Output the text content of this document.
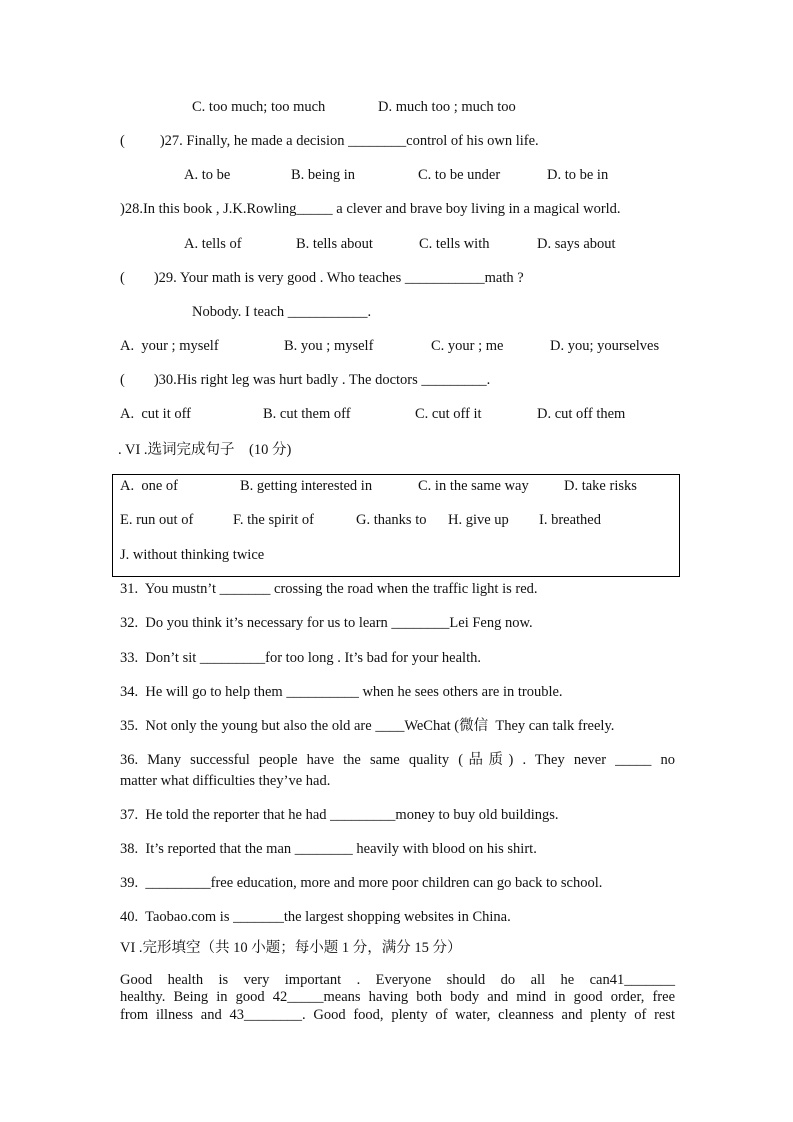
C. too much; too much	D. much too ; much too
( )27. Finally, he made a decision ________control of his own life.
A. to be	B. being in	C. to be under	D. to be in
)28.In this book , J.K.Rowling_____ a clever and brave boy living in a magical world.
A. tells of	B. tells about	C. tells with	D. says about
( )29. Your math is very good . Who teaches ___________math ?
Nobody. I teach ___________.
A.  your ; myself	B. you ; myself	C. your ; me	D. you; yourselves
( )30.His right leg was hurt badly . The doctors _________.
A.  cut it off	B. cut them off	C. cut off it	D. cut off them
. VI .选词完成句子    (10 分)
A.  one of	B. getting interested in	C. in the same way D. take risks
E. run out of	F. the spirit of	G. thanks to H. give up I. breathed
J. without thinking twice
31.  You mustn’t _______ crossing the road when the traffic light is red.
32.  Do you think it’s necessary for us to learn ________Lei Feng now.
33.  Don’t sit _________for too long . It’s bad for your health.
34.  He will go to help them __________ when he sees others are in trouble.
35.  Not only the young but also the old are ____WeChat (微信  They can talk freely.
36. Many successful people have the same quality (品质) . They never _____ no
matter what difficulties they’ve had.
37.  He told the reporter that he had _________money to buy old buildings.
38.  It’s reported that the man ________ heavily with blood on his shirt.
39.  _________free education, more and more poor children can go back to school.
40.  Taobao.com is _______the largest shopping websites in China.
VI .完形填空（共 10 小题；每小题 1 分，满分 15 分）
Good health is very important . Everyone should do all he can41_______
healthy. Being in good 42_____means having both body and mind in good order, free
from illness and 43________. Good food, plenty of water, cleanness and plenty of rest
